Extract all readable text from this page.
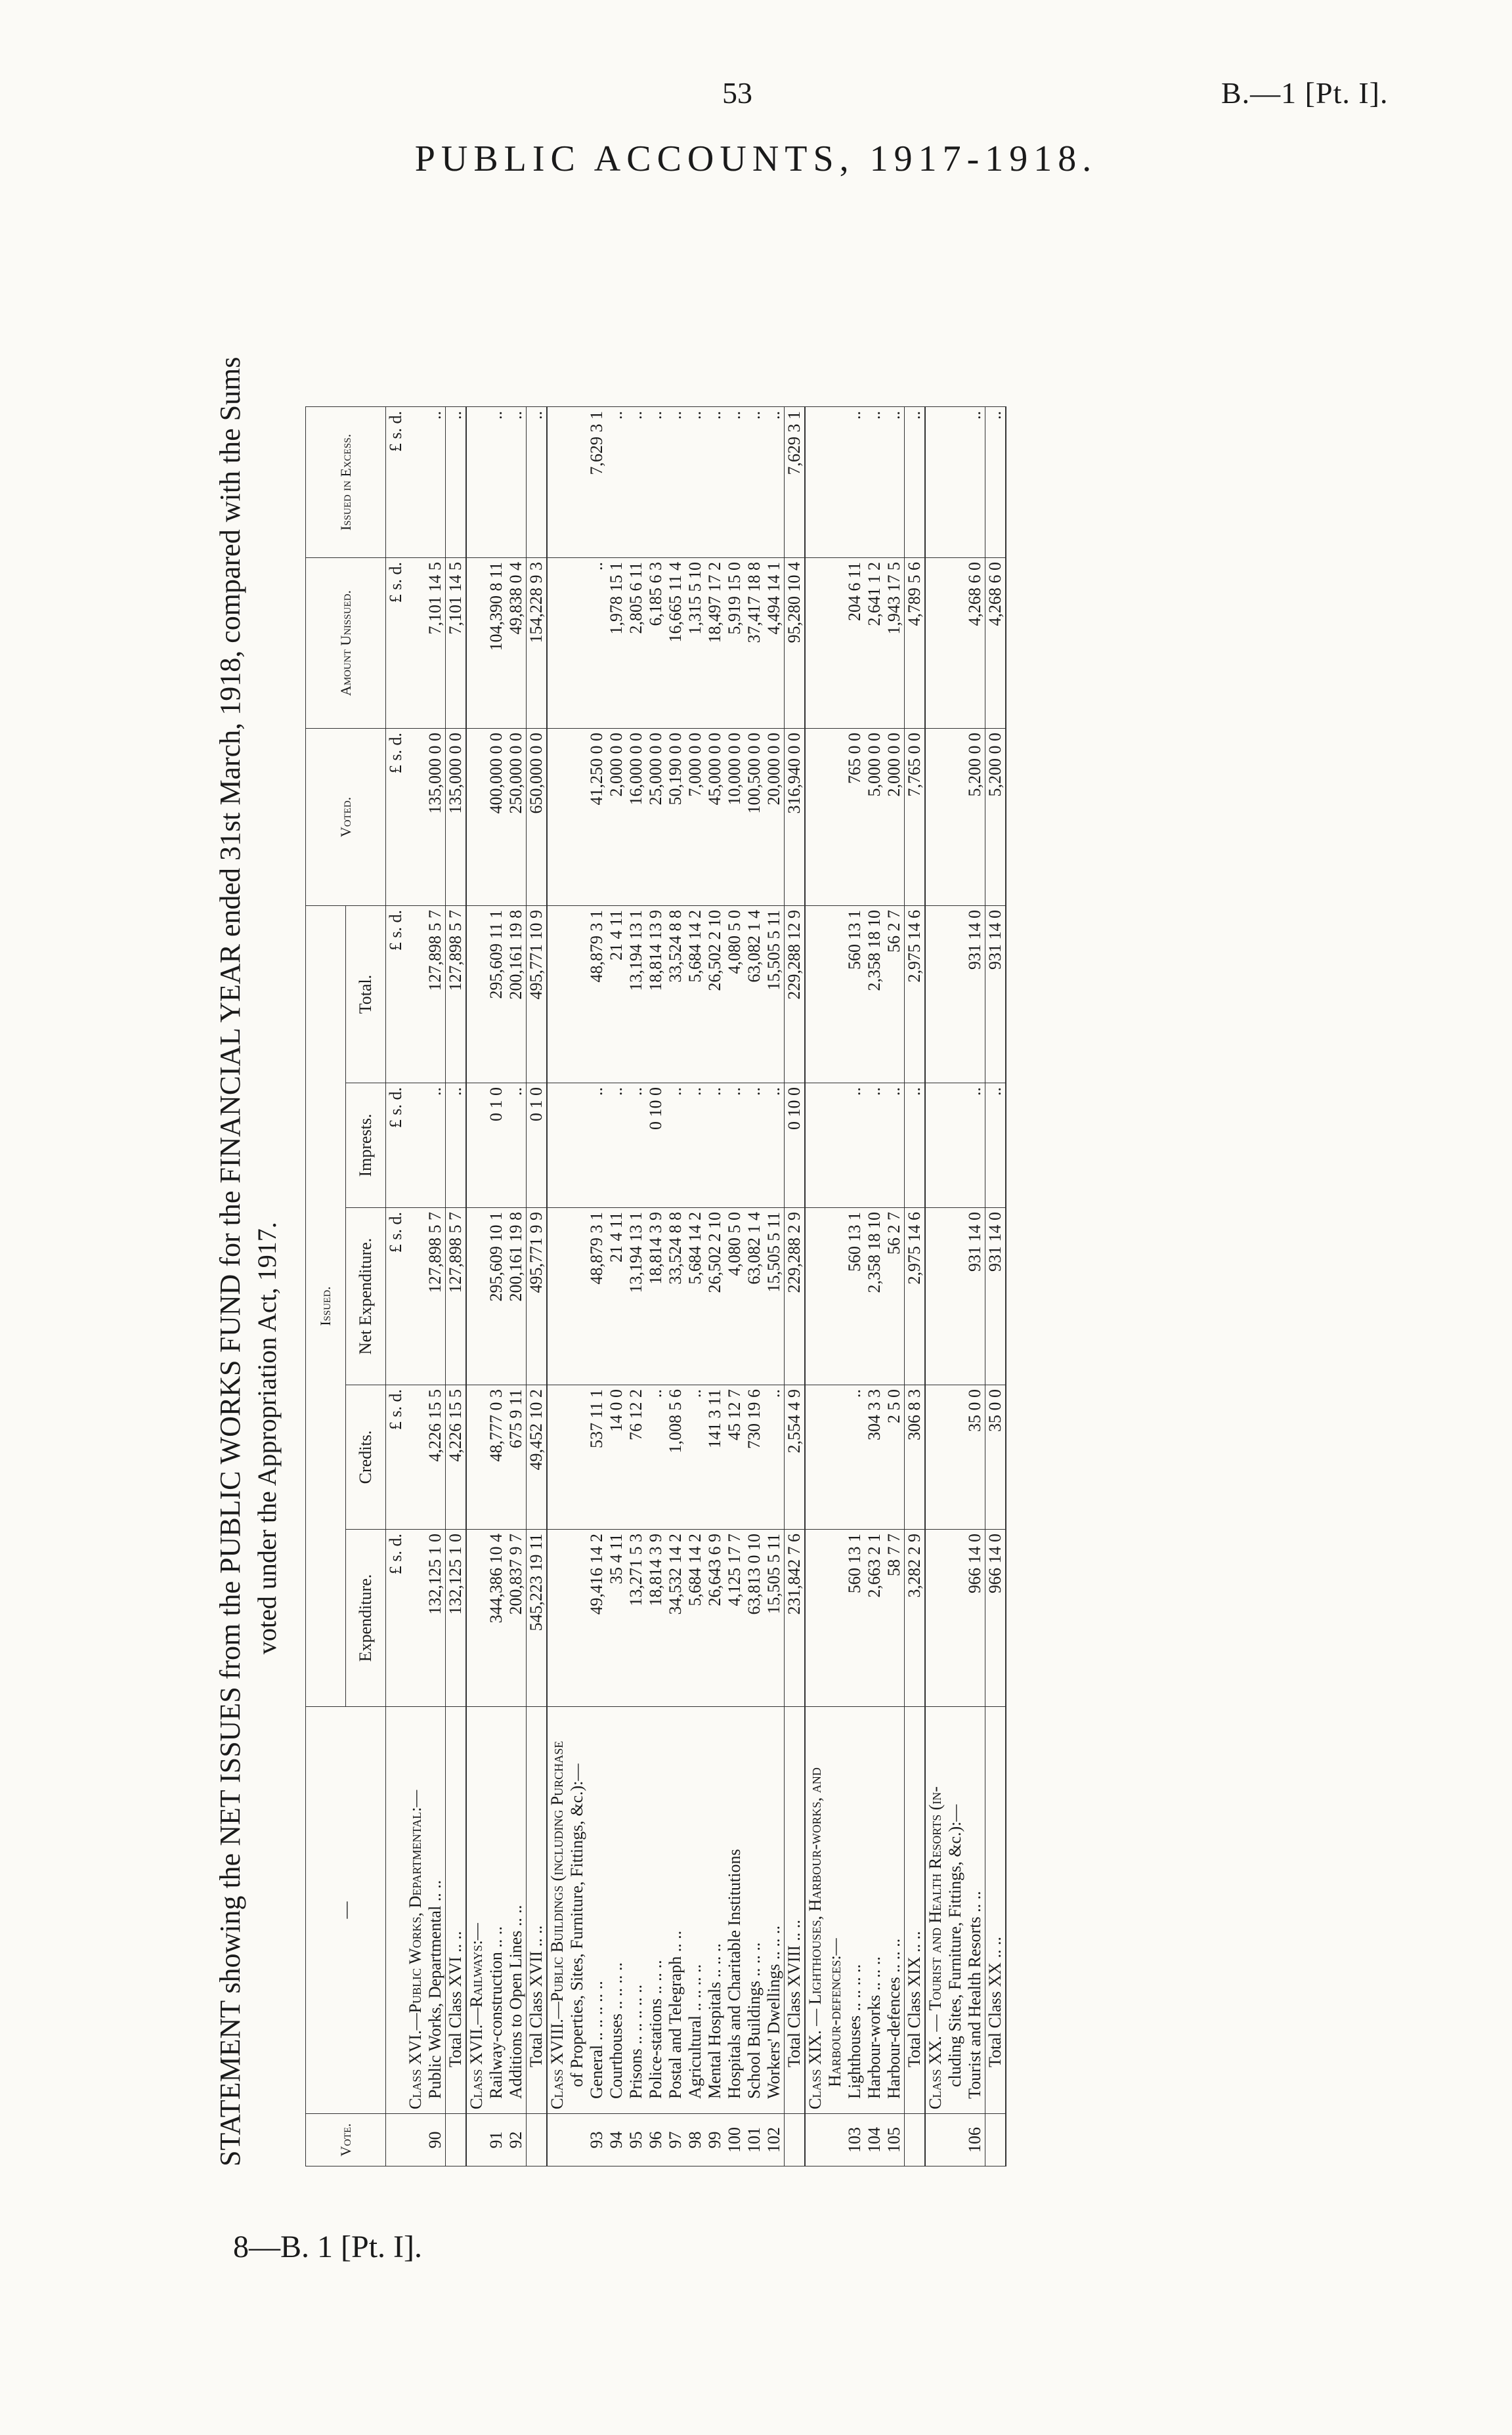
53	B.—1 [Pt. I].
PUBLIC ACCOUNTS, 1917-1918.
STATEMENT showing the NET ISSUES from the PUBLIC WORKS FUND for the FINANCIAL YEAR ended 31st March, 1918, compared with the Sums voted under the Appropriation Act, 1917.
Vote.	—	Issued.					Voted.	Amount Unissued.	Issued in Excess.
		Expenditure.	Credits.	Net Expenditure.	Imprests.	Total.			
		£ s. d.	£ s. d.	£ s. d.	£ s. d.	£ s. d.	£ s. d.	£ s. d.	£ s. d.
	Class XVI.—Public Works, Departmental:—								
90	Public Works, Departmental .. ..	132,125 1 0	4,226 15 5	127,898 5 7	..	127,898 5 7	135,000 0 0	7,101 14 5	..
	Total Class XVI .. ..	132,125 1 0	4,226 15 5	127,898 5 7	..	127,898 5 7	135,000 0 0	7,101 14 5	..
	Class XVII.—Railways:—								
91	Railway-construction .. ..	344,386 10 4	48,777 0 3	295,609 10 1	0 1 0	295,609 11 1	400,000 0 0	104,390 8 11	..
92	Additions to Open Lines .. ..	200,837 9 7	675 9 11	200,161 19 8	..	200,161 19 8	250,000 0 0	49,838 0 4	..
	Total Class XVII .. ..	545,223 19 11	49,452 10 2	495,771 9 9	0 1 0	495,771 10 9	650,000 0 0	154,228 9 3	..
	Class XVIII.—Public Buildings (including Purchase								
	of Properties, Sites, Furniture, Fittings, &c.):—								
93	General .. .. .. .. ..	49,416 14 2	537 11 1	48,879 3 1	..	48,879 3 1	41,250 0 0	..	7,629 3 1
94	Courthouses .. .. .. ..	35 4 11	14 0 0	21 4 11	..	21 4 11	2,000 0 0	1,978 15 1	..
95	Prisons .. .. .. .. ..	13,271 5 3	76 12 2	13,194 13 1	..	13,194 13 1	16,000 0 0	2,805 6 11	..
96	Police-stations .. .. ..	18,814 3 9	..	18,814 3 9	0 10 0	18,814 13 9	25,000 0 0	6,185 6 3	..
97	Postal and Telegraph .. ..	34,532 14 2	1,008 5 6	33,524 8 8	..	33,524 8 8	50,190 0 0	16,665 11 4	..
98	Agricultural .. .. .. ..	5,684 14 2	..	5,684 14 2	..	5,684 14 2	7,000 0 0	1,315 5 10	..
99	Mental Hospitals .. .. ..	26,643 6 9	141 3 11	26,502 2 10	..	26,502 2 10	45,000 0 0	18,497 17 2	..
100	Hospitals and Charitable Institutions	4,125 17 7	45 12 7	4,080 5 0	..	4,080 5 0	10,000 0 0	5,919 15 0	..
101	School Buildings .. .. ..	63,813 0 10	730 19 6	63,082 1 4	..	63,082 1 4	100,500 0 0	37,417 18 8	..
102	Workers' Dwellings .. .. ..	15,505 5 11	..	15,505 5 11	..	15,505 5 11	20,000 0 0	4,494 14 1	..
	Total Class XVIII .. ..	231,842 7 6	2,554 4 9	229,288 2 9	0 10 0	229,288 12 9	316,940 0 0	95,280 10 4	7,629 3 1
	Class XIX. — Lighthouses, Harbour-works, and								
	Harbour-defences:—								
103	Lighthouses .. .. .. ..	560 13 1	..	560 13 1	..	560 13 1	765 0 0	204 6 11	..
104	Harbour-works .. .. ..	2,663 2 1	304 3 3	2,358 18 10	..	2,358 18 10	5,000 0 0	2,641 1 2	..
105	Harbour-defences .. .. ..	58 7 7	2 5 0	56 2 7	..	56 2 7	2,000 0 0	1,943 17 5	..
	Total Class XIX .. ..	3,282 2 9	306 8 3	2,975 14 6	..	2,975 14 6	7,765 0 0	4,789 5 6	..
	Class XX. — Tourist and Health Resorts (in-								
	cluding Sites, Furniture, Fittings, &c.):—								
106	Tourist and Health Resorts .. ..	966 14 0	35 0 0	931 14 0	..	931 14 0	5,200 0 0	4,268 6 0	..
	Total Class XX .. ..	966 14 0	35 0 0	931 14 0	..	931 14 0	5,200 0 0	4,268 6 0	..
8—B. 1 [Pt. I].
